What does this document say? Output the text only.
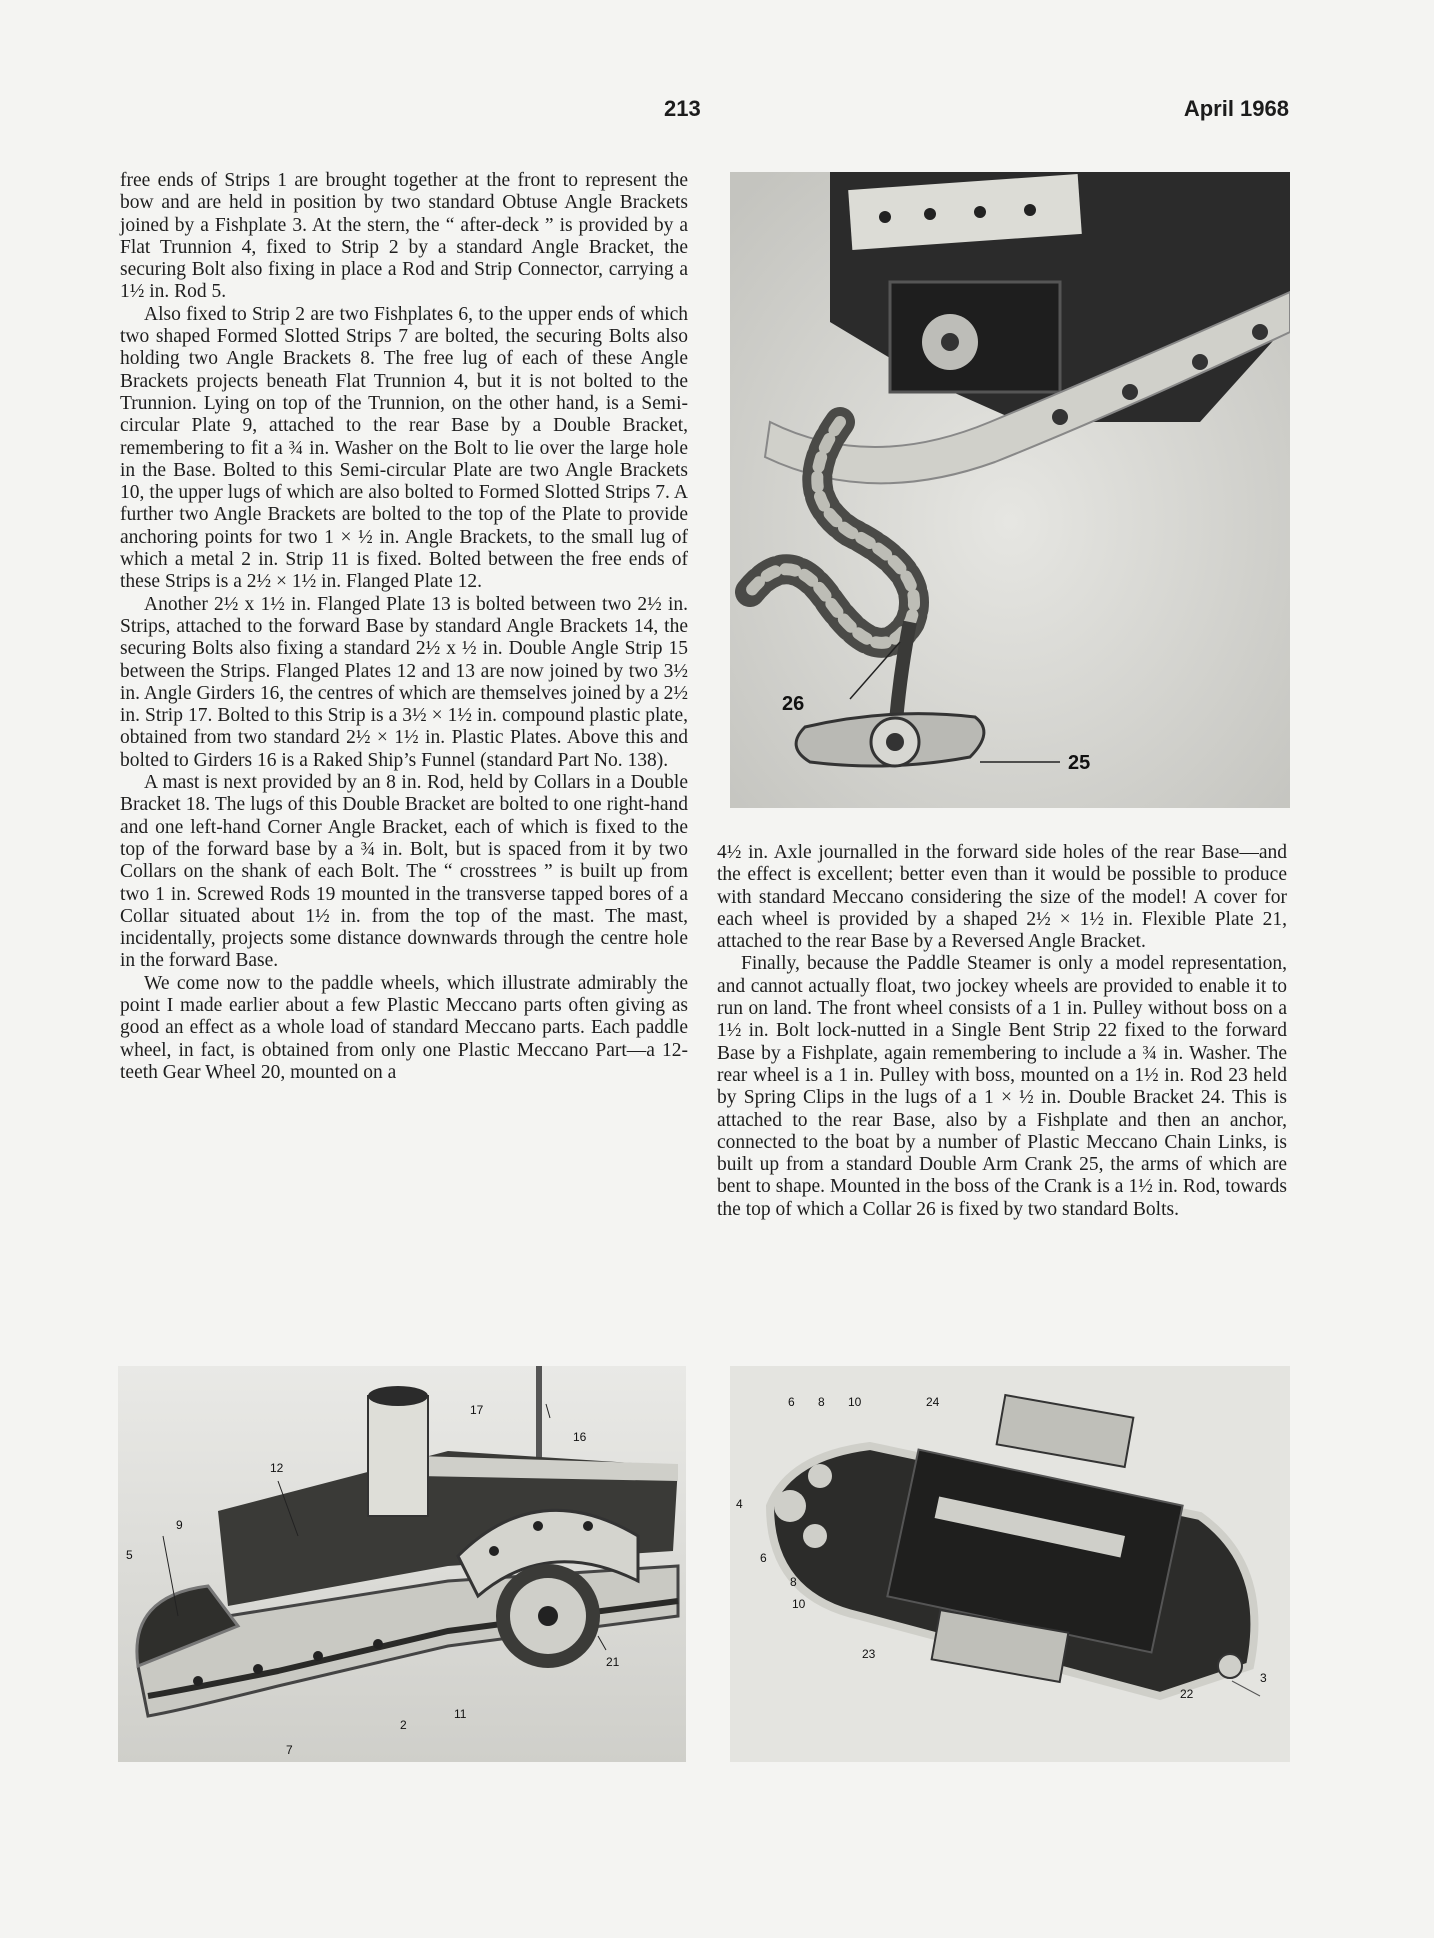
213	April 1968

free ends of Strips 1 are brought together at the front to represent the bow and are held in position by two standard Obtuse Angle Brackets joined by a Fishplate 3. At the stern, the “ after-deck ” is provided by a Flat Trunnion 4, fixed to Strip 2 by a standard Angle Bracket, the securing Bolt also fixing in place a Rod and Strip Connector, carrying a 1½ in. Rod 5.

Also fixed to Strip 2 are two Fishplates 6, to the upper ends of which two shaped Formed Slotted Strips 7 are bolted, the securing Bolts also holding two Angle Brackets 8. The free lug of each of these Angle Brackets projects beneath Flat Trunnion 4, but it is not bolted to the Trunnion. Lying on top of the Trunnion, on the other hand, is a Semi-circular Plate 9, attached to the rear Base by a Double Bracket, remembering to fit a ¾ in. Washer on the Bolt to lie over the large hole in the Base. Bolted to this Semi-circular Plate are two Angle Brackets 10, the upper lugs of which are also bolted to Formed Slotted Strips 7. A further two Angle Brackets are bolted to the top of the Plate to provide anchoring points for two 1 × ½ in. Angle Brackets, to the small lug of which a metal 2 in. Strip 11 is fixed. Bolted between the free ends of these Strips is a 2½ × 1½ in. Flanged Plate 12.

Another 2½ x 1½ in. Flanged Plate 13 is bolted between two 2½ in. Strips, attached to the forward Base by standard Angle Brackets 14, the securing Bolts also fixing a standard 2½ x ½ in. Double Angle Strip 15 between the Strips. Flanged Plates 12 and 13 are now joined by two 3½ in. Angle Girders 16, the centres of which are themselves joined by a 2½ in. Strip 17. Bolted to this Strip is a 3½ × 1½ in. compound plastic plate, obtained from two standard 2½ × 1½ in. Plastic Plates. Above this and bolted to Girders 16 is a Raked Ship’s Funnel (standard Part No. 138).

A mast is next provided by an 8 in. Rod, held by Collars in a Double Bracket 18. The lugs of this Double Bracket are bolted to one right-hand and one left-hand Corner Angle Bracket, each of which is fixed to the top of the forward base by a ¾ in. Bolt, but is spaced from it by two Collars on the shank of each Bolt. The “ crosstrees ” is built up from two 1 in. Screwed Rods 19 mounted in the transverse tapped bores of a Collar situated about 1½ in. from the top of the mast. The mast, incidentally, projects some distance downwards through the centre hole in the forward Base.

We come now to the paddle wheels, which illustrate admirably the point I made earlier about a few Plastic Meccano parts often giving as good an effect as a whole load of standard Meccano parts. Each paddle wheel, in fact, is obtained from only one Plastic Meccano Part—a 12-teeth Gear Wheel 20, mounted on a

4½ in. Axle journalled in the forward side holes of the rear Base—and the effect is excellent; better even than it would be possible to produce with standard Meccano considering the size of the model! A cover for each wheel is provided by a shaped 2½ × 1½ in. Flexible Plate 21, attached to the rear Base by a Reversed Angle Bracket.

Finally, because the Paddle Steamer is only a model representation, and cannot actually float, two jockey wheels are provided to enable it to run on land. The front wheel consists of a 1 in. Pulley without boss on a 1½ in. Bolt lock-nutted in a Single Bent Strip 22 fixed to the forward Base by a Fishplate, again remembering to include a ¾ in. Washer. The rear wheel is a 1 in. Pulley with boss, mounted on a 1½ in. Rod 23 held by Spring Clips in the lugs of a 1 × ½ in. Double Bracket 24. This is attached to the rear Base, also by a Fishplate and then an anchor, connected to the boat by a number of Plastic Meccano Chain Links, is built up from a standard Double Arm Crank 25, the arms of which are bent to shape. Mounted in the boss of the Crank is a 1½ in. Rod, towards the top of which a Collar 26 is fixed by two standard Bolts.

26
25
17
16
12
9
5
21
11
2
7
6 8 10	24
4
6
8
10
23
3
22
